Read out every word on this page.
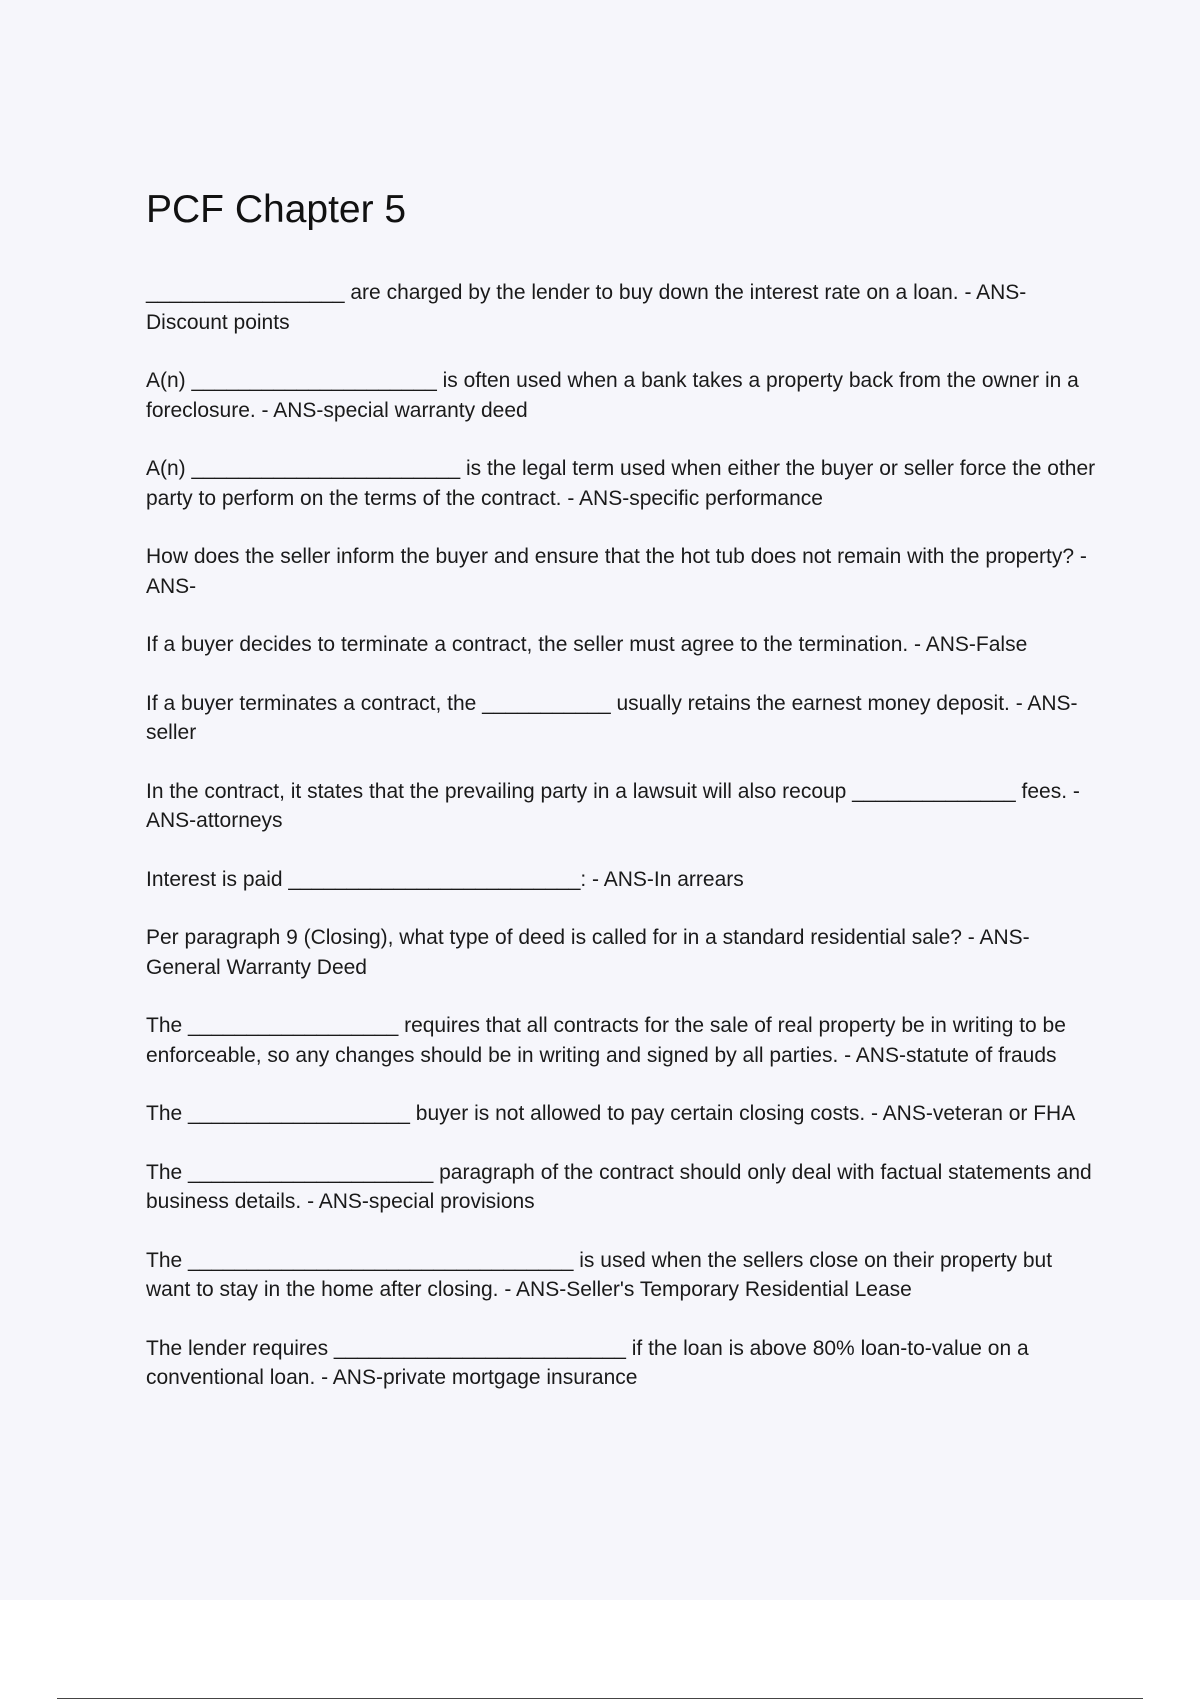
PCF Chapter 5
_________________ are charged by the lender to buy down the interest rate on a loan. - ANS-Discount points
A(n) _____________________ is often used when a bank takes a property back from the owner in a foreclosure. - ANS-special warranty deed
A(n) _______________________ is the legal term used when either the buyer or seller force the other party to perform on the terms of the contract. - ANS-specific performance
How does the seller inform the buyer and ensure that the hot tub does not remain with the property? - ANS-
If a buyer decides to terminate a contract, the seller must agree to the termination. - ANS-False
If a buyer terminates a contract, the ___________ usually retains the earnest money deposit. - ANS-seller
In the contract, it states that the prevailing party in a lawsuit will also recoup ______________ fees. - ANS-attorneys
Interest is paid _________________________: - ANS-In arrears
Per paragraph 9 (Closing), what type of deed is called for in a standard residential sale? - ANS-General Warranty Deed
The __________________ requires that all contracts for the sale of real property be in writing to be enforceable, so any changes should be in writing and signed by all parties. - ANS-statute of frauds
The ___________________ buyer is not allowed to pay certain closing costs. - ANS-veteran or FHA
The _____________________ paragraph of the contract should only deal with factual statements and business details. - ANS-special provisions
The _________________________________ is used when the sellers close on their property but want to stay in the home after closing. - ANS-Seller's Temporary Residential Lease
The lender requires _________________________ if the loan is above 80% loan-to-value on a conventional loan. - ANS-private mortgage insurance
